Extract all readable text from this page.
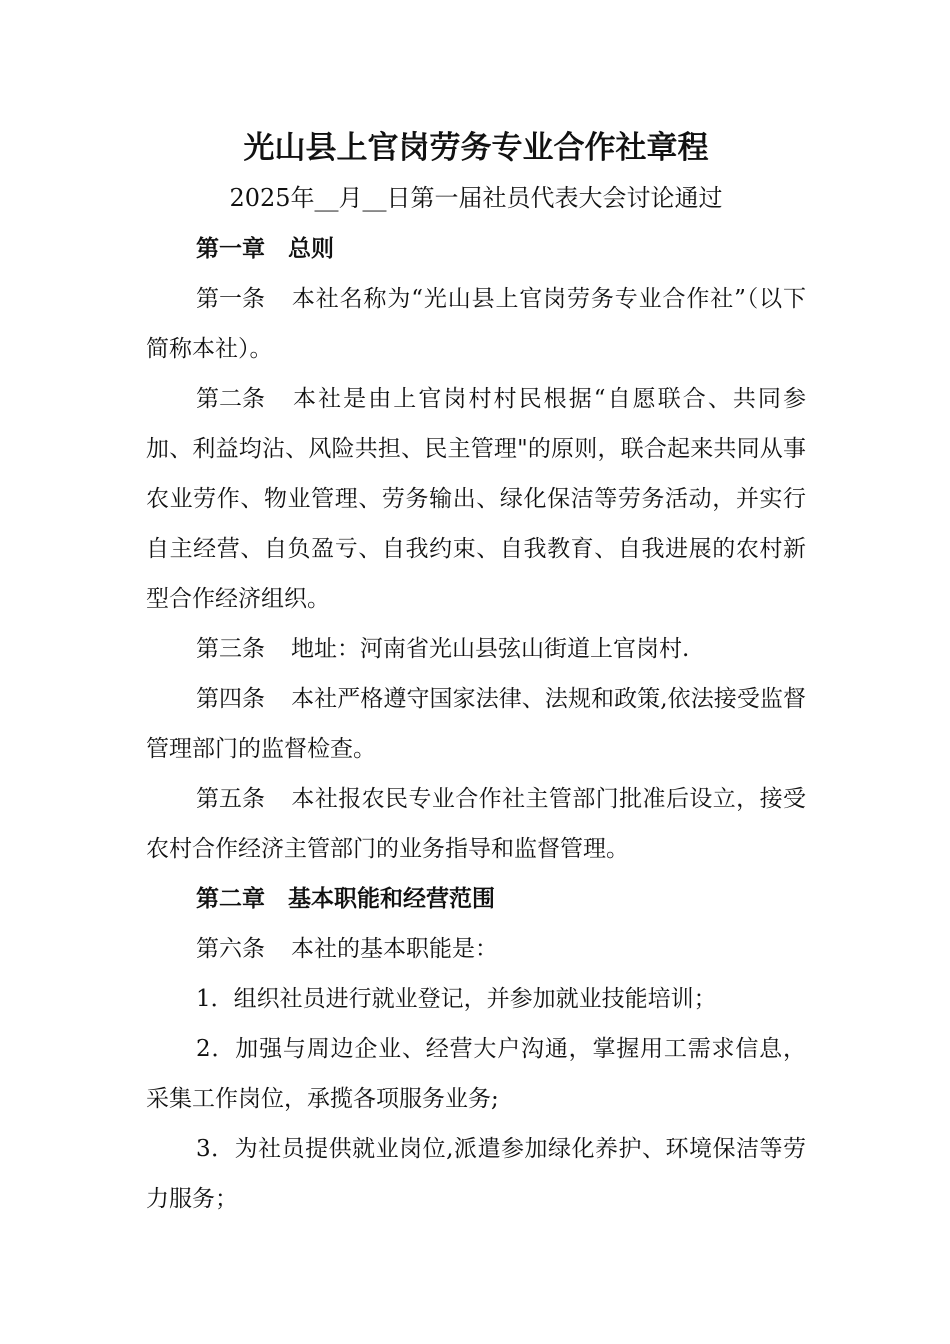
光山县上官岗劳务专业合作社章程
2025年__月__日第一届社员代表大会讨论通过
第一章　总则

第一条 本社名称为“光山县上官岗劳务专业合作社”（以下简称本社）。

第二条 本社是由上官岗村村民根据“自愿联合、共同参加、利益均沾、风险共担、民主管理"的原则，联合起来共同从事农业劳作、物业管理、劳务输出、绿化保洁等劳务活动，并实行自主经营、自负盈亏、自我约束、自我教育、自我进展的农村新型合作经济组织。

第三条 地址：河南省光山县弦山街道上官岗村.

第四条 本社严格遵守国家法律、法规和政策,依法接受监督管理部门的监督检查。

第五条 本社报农民专业合作社主管部门批准后设立，接受农村合作经济主管部门的业务指导和监督管理。

第二章　基本职能和经营范围

第六条 本社的基本职能是：

1．组织社员进行就业登记，并参加就业技能培训；

2．加强与周边企业、经营大户沟通，掌握用工需求信息，采集工作岗位，承揽各项服务业务;

3．为社员提供就业岗位,派遣参加绿化养护、环境保洁等劳力服务；
